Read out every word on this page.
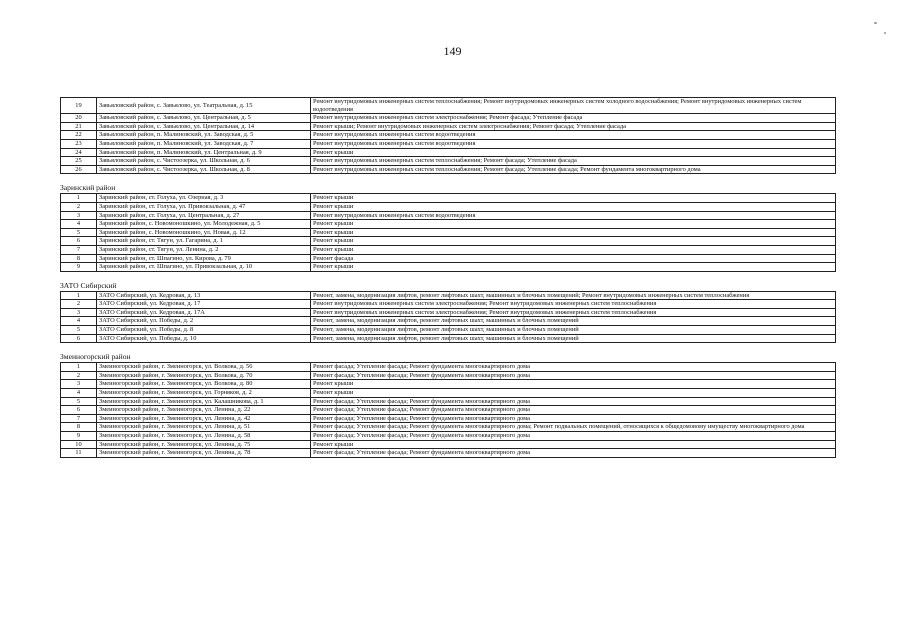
149
19	Завьяловский район, с. Завьялово, ул. Театральная, д. 15	Ремонт внутридомовых инженерных систем теплоснабжения; Ремонт внутридомовых инженерных систем холодного водоснабжения; Ремонт внутридомовых инженерных систем водоотведения
20	Завьяловский район, с. Завьялово, ул. Центральная, д. 5	Ремонт внутридомовых инженерных систем электроснабжения; Ремонт фасада; Утепление фасада
21	Завьяловский район, с. Завьялово, ул. Центральная, д. 14	Ремонт крыши; Ремонт внутридомовых инженерных систем электроснабжения; Ремонт фасада; Утепление фасада
22	Завьяловский район, п. Малиновский, ул. Заводская, д. 5	Ремонт внутридомовых инженерных систем водоотведения
23	Завьяловский район, п. Малиновский, ул. Заводская, д. 7	Ремонт внутридомовых инженерных систем водоотведения
24	Завьяловский район, п. Малиновский, ул. Центральная, д. 9	Ремонт крыши
25	Завьяловский район, с. Чистоозерка, ул. Школьная, д. 6	Ремонт внутридомовых инженерных систем теплоснабжения; Ремонт фасада; Утепление фасада
26	Завьяловский район, с. Чистоозерка, ул. Школьная, д. 8	Ремонт внутридомовых инженерных систем теплоснабжения; Ремонт фасада; Утепление фасада; Ремонт фундамента многоквартирного дома
Заринский район
1	Заринский район, ст. Голуха, ул. Озерная, д. 3	Ремонт крыши
2	Заринский район, ст. Голуха, ул. Привокзальная, д. 47	Ремонт крыши
3	Заринский район, ст. Голуха, ул. Центральная, д. 27	Ремонт внутридомовых инженерных систем водоотведения
4	Заринский район, с. Новомоношкино, ул. Молодежная, д. 5	Ремонт крыши
5	Заринский район, с. Новомоношкино, ул. Новая, д. 12	Ремонт крыши
6	Заринский район, ст. Тягун, ул. Гагарина, д. 1	Ремонт крыши
7	Заринский район, ст. Тягун, ул. Ленина, д. 2	Ремонт крыши
8	Заринский район, ст. Шпагино, ул. Кирова, д. 79	Ремонт фасада
9	Заринский район, ст. Шпагино, ул. Привокзальная, д. 10	Ремонт крыши
ЗАТО Сибирский
1	ЗАТО Сибирский, ул. Кедровая, д. 13	Ремонт, замена, модернизация лифтов, ремонт лифтовых шахт, машинных и блочных помещений; Ремонт внутридомовых инженерных систем теплоснабжения
2	ЗАТО Сибирский, ул. Кедровая, д. 17	Ремонт внутридомовых инженерных систем электроснабжения; Ремонт внутридомовых инженерных систем теплоснабжения
3	ЗАТО Сибирский, ул. Кедровая, д. 17А	Ремонт внутридомовых инженерных систем электроснабжения; Ремонт внутридомовых инженерных систем теплоснабжения
4	ЗАТО Сибирский, ул. Победы, д. 2	Ремонт, замена, модернизация лифтов, ремонт лифтовых шахт, машинных и блочных помещений
5	ЗАТО Сибирский, ул. Победы, д. 8	Ремонт, замена, модернизация лифтов, ремонт лифтовых шахт, машинных и блочных помещений
6	ЗАТО Сибирский, ул. Победы, д. 10	Ремонт, замена, модернизация лифтов, ремонт лифтовых шахт, машинных и блочных помещений
Змеиногорский район
1	Змеиногорский район, г. Змеиногорск, ул. Волкова, д. 56	Ремонт фасада; Утепление фасада; Ремонт фундамента многоквартирного дома
2	Змеиногорский район, г. Змеиногорск, ул. Волкова, д. 70	Ремонт фасада; Утепление фасада; Ремонт фундамента многоквартирного дома
3	Змеиногорский район, г. Змеиногорск, ул. Волкова, д. 80	Ремонт крыши
4	Змеиногорский район, г. Змеиногорск, ул. Горняков, д. 2	Ремонт крыши
5	Змеиногорский район, г. Змеиногорск, ул. Калашникова, д. 1	Ремонт фасада; Утепление фасада; Ремонт фундамента многоквартирного дома
6	Змеиногорский район, г. Змеиногорск, ул. Ленина, д. 22	Ремонт фасада; Утепление фасада; Ремонт фундамента многоквартирного дома
7	Змеиногорский район, г. Змеиногорск, ул. Ленина, д. 42	Ремонт фасада; Утепление фасада; Ремонт фундамента многоквартирного дома
8	Змеиногорский район, г. Змеиногорск, ул. Ленина, д. 51	Ремонт фасада; Утепление фасада; Ремонт фундамента многоквартирного дома; Ремонт подвальных помещений, относящихся к общедомовому имуществу многоквартирного дома
9	Змеиногорский район, г. Змеиногорск, ул. Ленина, д. 58	Ремонт фасада; Утепление фасада; Ремонт фундамента многоквартирного дома
10	Змеиногорский район, г. Змеиногорск, ул. Ленина, д. 75	Ремонт крыши
11	Змеиногорский район, г. Змеиногорск, ул. Ленина, д. 78	Ремонт фасада; Утепление фасада; Ремонт фундамента многоквартирного дома
